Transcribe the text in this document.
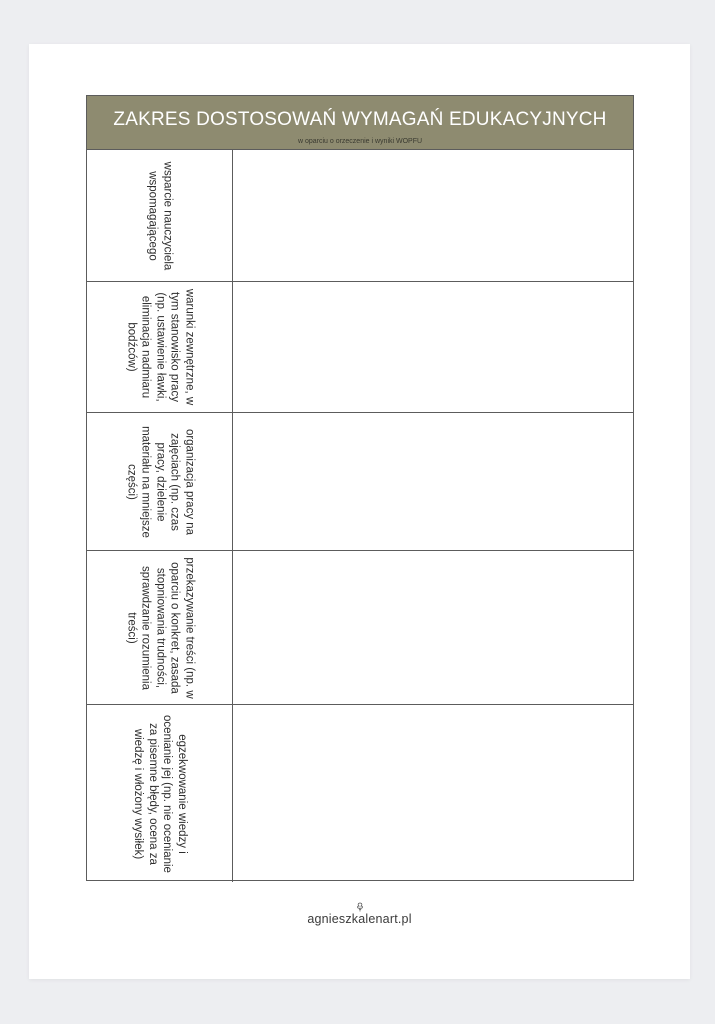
ZAKRES DOSTOSOWAŃ WYMAGAŃ EDUKACYJNYCH
w oparciu o orzeczenie i wyniki WOPFU
wsparcie nauczyciela wspomagającego
warunki zewnętrzne, w tym stanowisko pracy (np. ustawienie ławki, eliminacja nadmiaru bodźców)
organizacja pracy na zajęciach (np. czas pracy, dzielenie materiału na mniejsze części)
przekazywanie treści (np. w oparciu o konkret, zasada stopniowania trudności, sprawdzanie rozumienia treści)
egzekwowanie wiedzy i ocenianie jej (np. nie ocenianie za pisemne błędy, ocena za wiedzę i włożony wysiłek)
agnieszkalenart.pl
